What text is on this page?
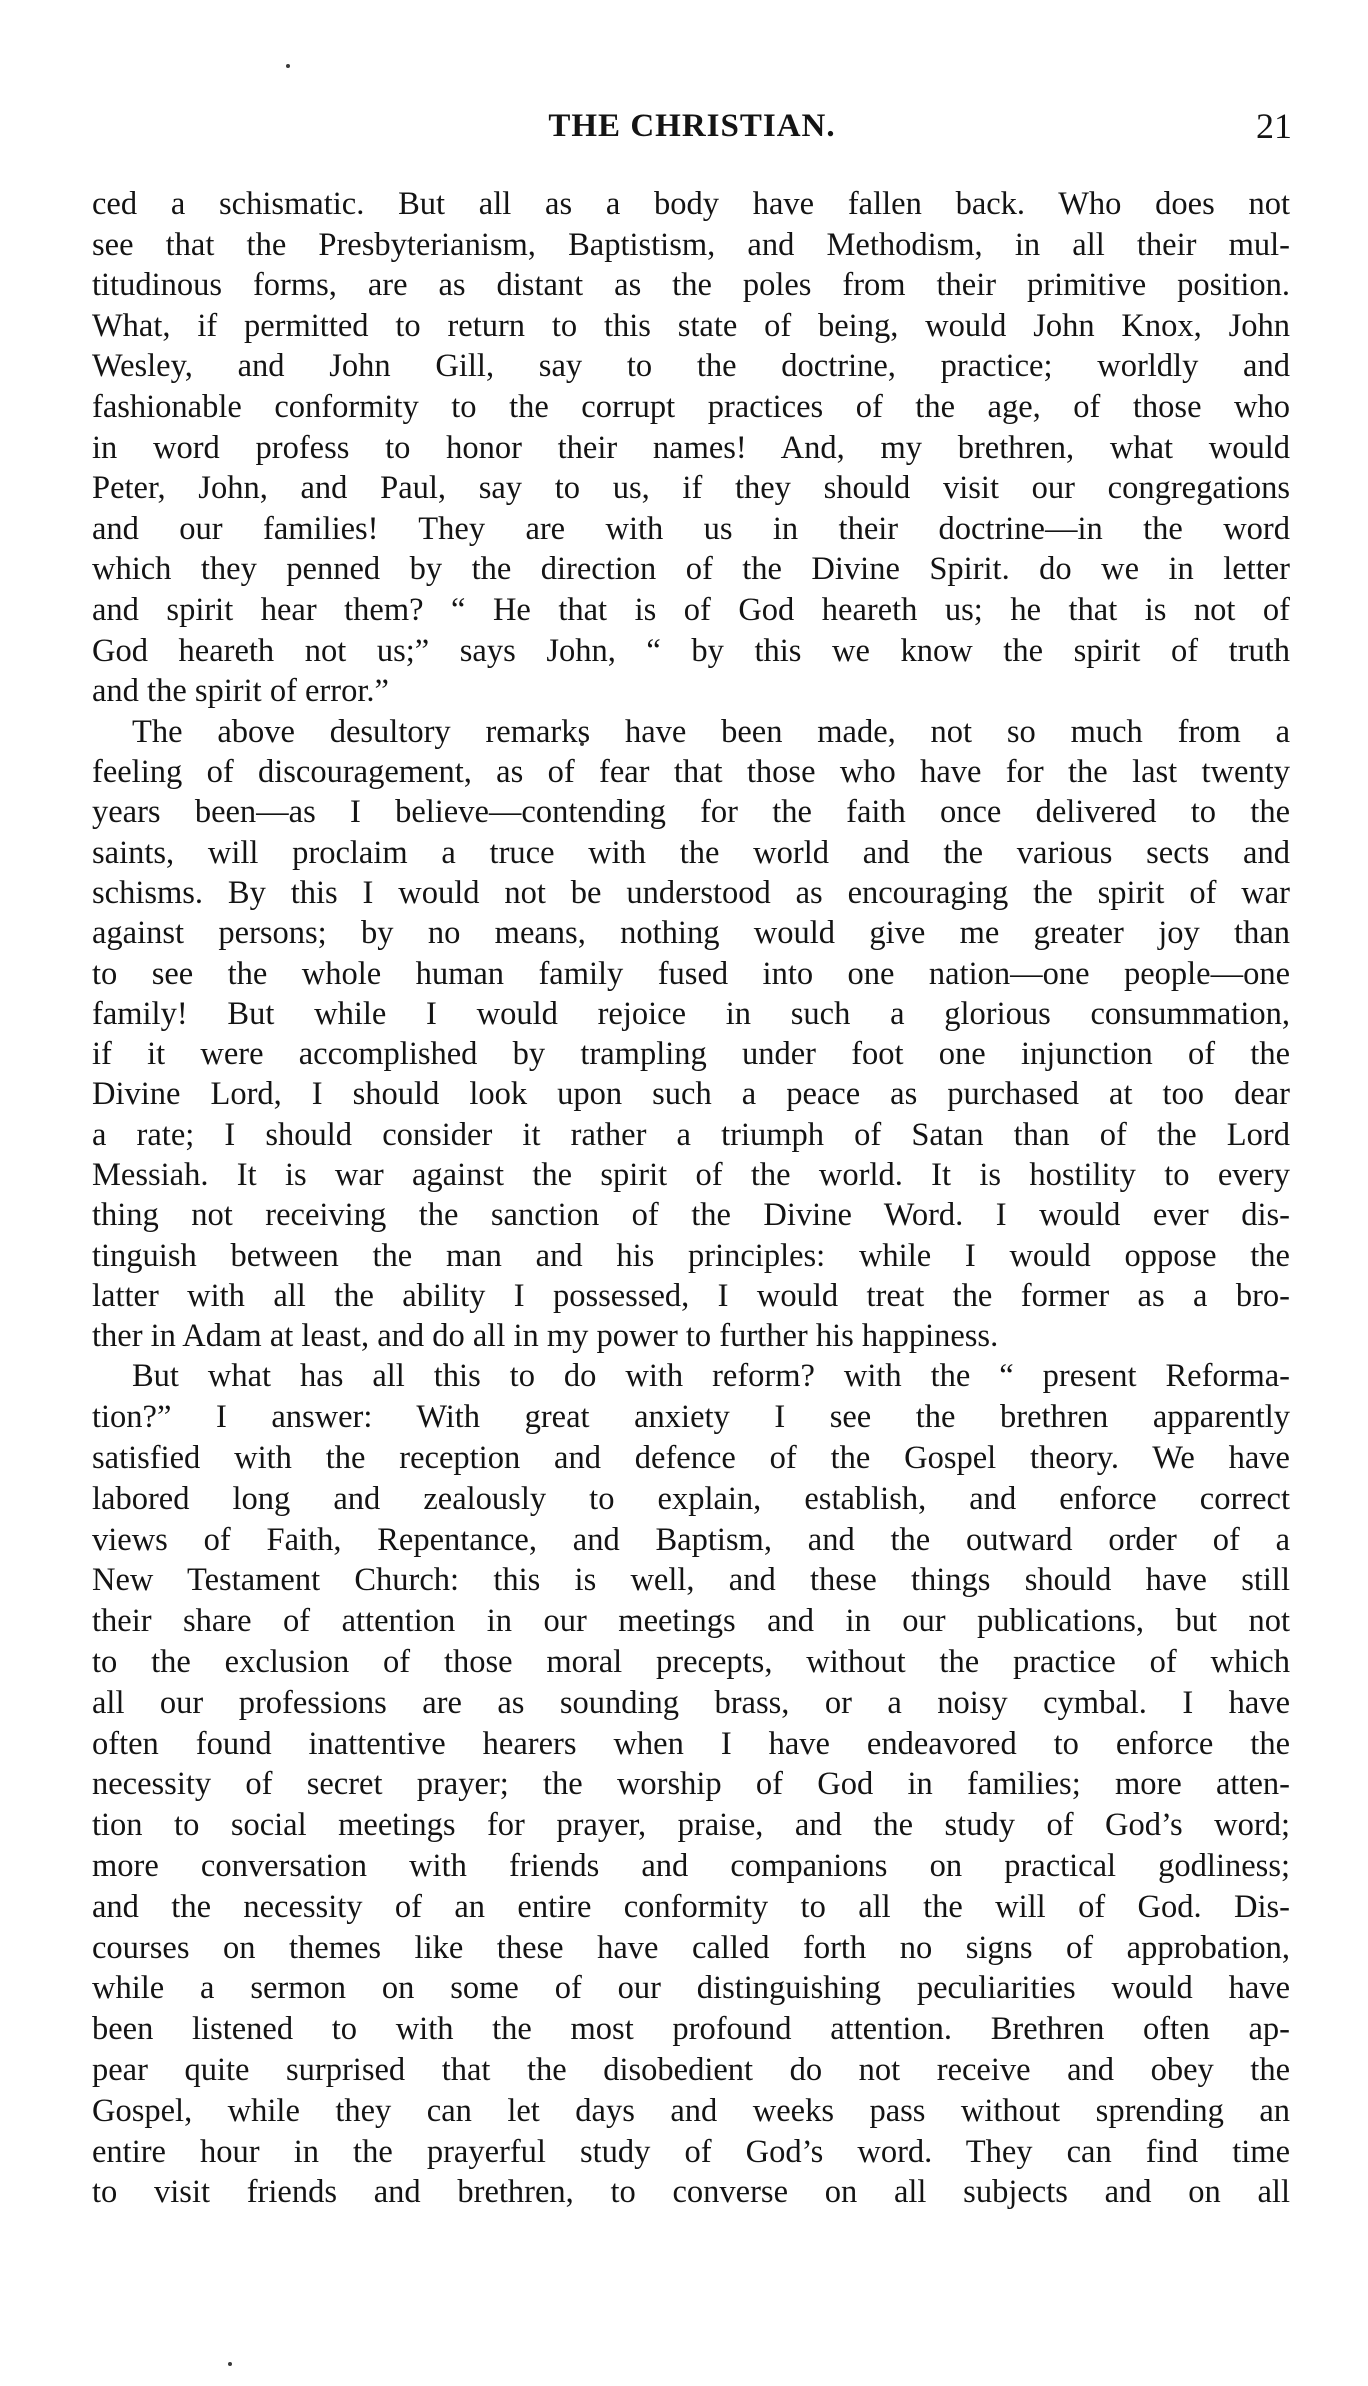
THE CHRISTIAN.	21
ced a schismatic. But all as a body have fallen back. Who does not
see that the Presbyterianism, Baptistism, and Methodism, in all their mul-
titudinous forms, are as distant as the poles from their primitive position.
What, if permitted to return to this state of being, would John Knox, John
Wesley, and John Gill, say to the doctrine, practice; worldly and
fashionable conformity to the corrupt practices of the age, of those who
in word profess to honor their names! And, my brethren, what would
Peter, John, and Paul, say to us, if they should visit our congregations
and our families! They are with us in their doctrine—in the word
which they penned by the direction of the Divine Spirit. do we in letter
and spirit hear them? “ He that is of God heareth us; he that is not of
God heareth not us;” says John, “ by this we know the spirit of truth
and the spirit of error.”
The above desultory remarks have been made, not so much from a
feeling of discouragement, as of fear that those who have for the last twenty
years been—as I believe—contending for the faith once delivered to the
saints, will proclaim a truce with the world and the various sects and
schisms. By this I would not be understood as encouraging the spirit of war
against persons; by no means, nothing would give me greater joy than
to see the whole human family fused into one nation—one people—one
family! But while I would rejoice in such a glorious consummation,
if it were accomplished by trampling under foot one injunction of the
Divine Lord, I should look upon such a peace as purchased at too dear
a rate; I should consider it rather a triumph of Satan than of the Lord
Messiah. It is war against the spirit of the world. It is hostility to every
thing not receiving the sanction of the Divine Word. I would ever dis-
tinguish between the man and his principles: while I would oppose the
latter with all the ability I possessed, I would treat the former as a bro-
ther in Adam at least, and do all in my power to further his happiness.
But what has all this to do with reform? with the “ present Reforma-
tion?” I answer: With great anxiety I see the brethren apparently
satisfied with the reception and defence of the Gospel theory. We have
labored long and zealously to explain, establish, and enforce correct
views of Faith, Repentance, and Baptism, and the outward order of a
New Testament Church: this is well, and these things should have still
their share of attention in our meetings and in our publications, but not
to the exclusion of those moral precepts, without the practice of which
all our professions are as sounding brass, or a noisy cymbal. I have
often found inattentive hearers when I have endeavored to enforce the
necessity of secret prayer; the worship of God in families; more atten-
tion to social meetings for prayer, praise, and the study of God’s word;
more conversation with friends and companions on practical godliness;
and the necessity of an entire conformity to all the will of God. Dis-
courses on themes like these have called forth no signs of approbation,
while a sermon on some of our distinguishing peculiarities would have
been listened to with the most profound attention. Brethren often ap-
pear quite surprised that the disobedient do not receive and obey the
Gospel, while they can let days and weeks pass without sprending an
entire hour in the prayerful study of God’s word. They can find time
to visit friends and brethren, to converse on all subjects and on all
